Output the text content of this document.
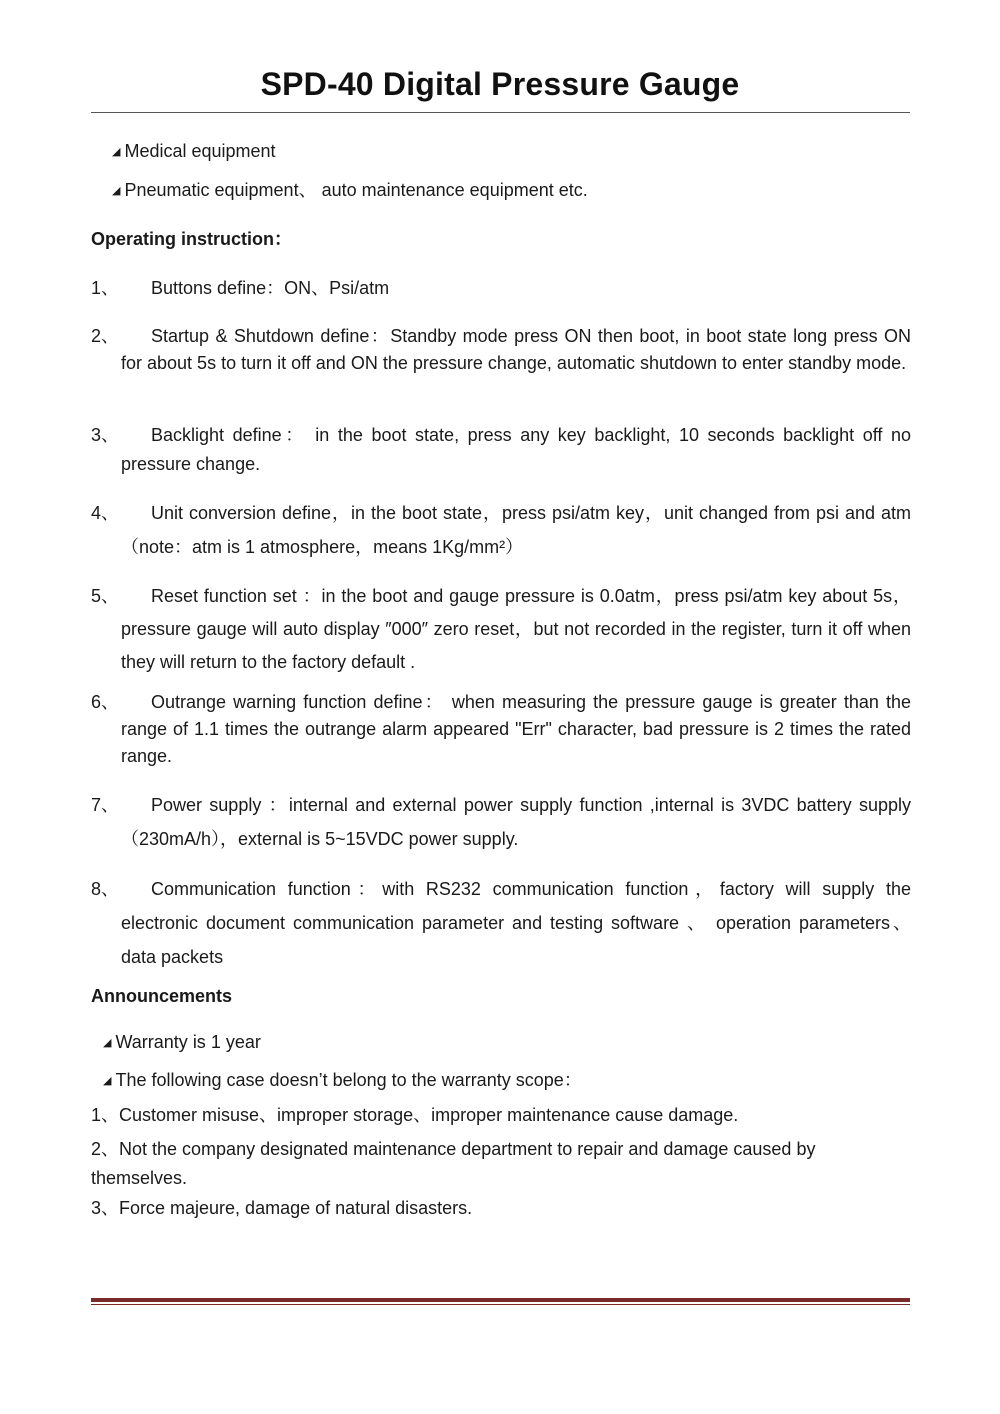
SPD-40 Digital Pressure Gauge
◢ Medical equipment
◢ Pneumatic equipment、 auto maintenance equipment etc.
Operating instruction：
1、 Buttons define：ON、Psi/atm
2、	Startup & Shutdown define：Standby mode press ON then boot, in boot state long press ON for about 5s to turn it off and ON the pressure change, automatic shutdown to enter standby mode.
3、	Backlight define： in the boot state, press any key backlight, 10 seconds backlight off no pressure change.
4、	Unit conversion define，in the boot state，press psi/atm key，unit changed from psi and atm（note：atm is 1 atmosphere，means 1Kg/mm²）
5、	Reset function set ：in the boot and gauge pressure is 0.0atm，press psi/atm key about 5s，pressure gauge will auto display ″000″ zero reset，but not recorded in the register, turn it off when they will return to the factory default .
6、	Outrange warning function define： when measuring the pressure gauge is greater than the range of 1.1 times the outrange alarm appeared "Err" character, bad pressure is 2 times the rated range.
7、	Power supply ：internal and external power supply function ,internal is 3VDC battery supply（230mA/h），external is 5~15VDC power supply.
8、	Communication function：with RS232 communication function，factory will supply the electronic document communication parameter and testing software 、 operation parameters、data packets
Announcements
◢ Warranty is 1 year
◢ The following case doesn’t belong to the warranty scope：
1、Customer misuse、improper storage、improper maintenance cause damage.
2、Not the company designated maintenance department to repair and damage caused by themselves.
3、Force majeure, damage of natural disasters.
